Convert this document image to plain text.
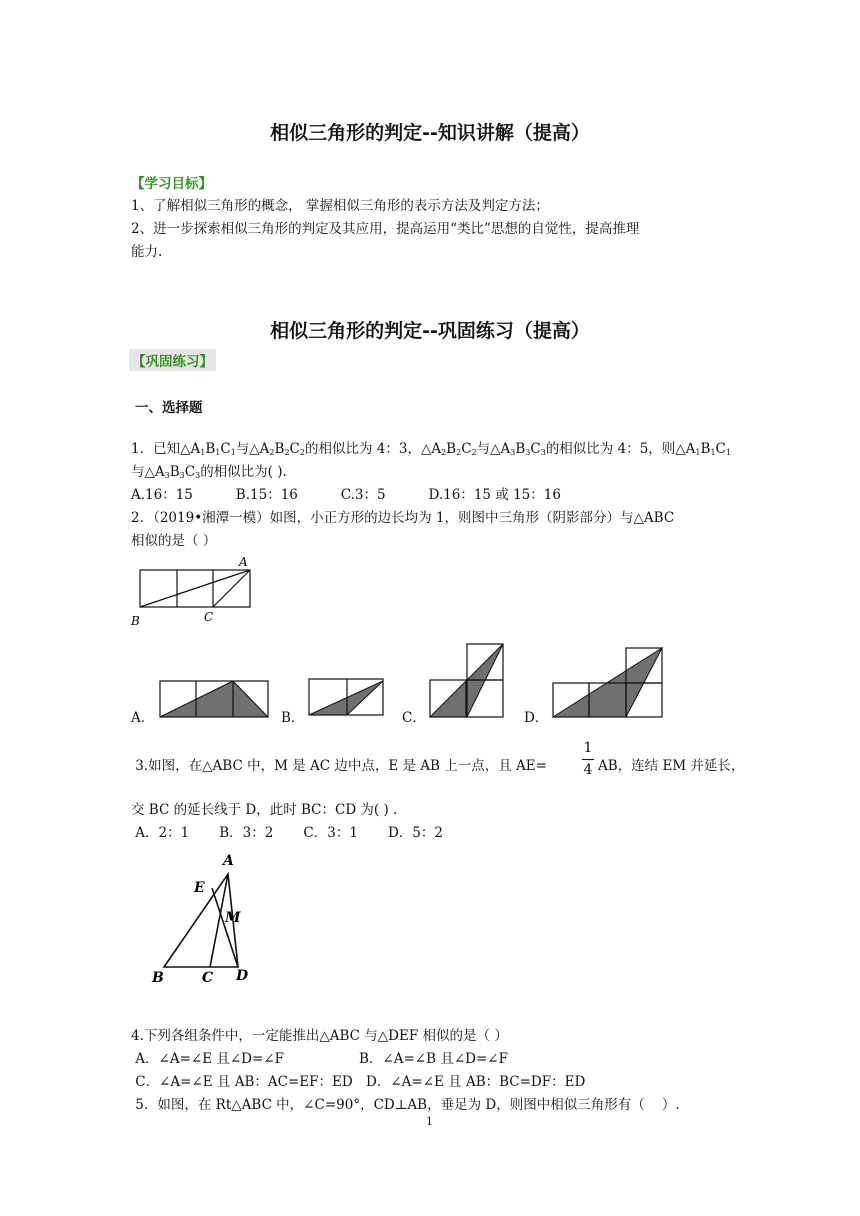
相似三角形的判定--知识讲解（提高）
【学习目标】
1、了解相似三角形的概念， 掌握相似三角形的表示方法及判定方法；
2、进一步探索相似三角形的判定及其应用，提高运用“类比”思想的自觉性，提高推理
能力.
相似三角形的判定--巩固练习（提高）
【巩固练习】
一、选择题
1．已知$\triangle A_1B_1C_1$与$\triangle A_2B_2C_2$的相似比为 4：3，$\triangle A_2B_2C_2$与$\triangle A_3B_3C_3$的相似比为 4：5，则$\triangle A_1B_1C_1$
与$\triangle A_3B_3C_3$的相似比为( ).
A.16：15          B.15：16          C.3：5          D.16：15 或 15：16
2．（2019•湘潭一模）如图，小正方形的边长均为 1，则图中三角形（阴影部分）与△ABC
相似的是（ ）
A
B	C
A．	B．	C．	D．
3.如图，在△ABC 中，M 是 AC 边中点，E 是 AB 上一点，且 AE=
1
4 AB，连结 EM 并延长，
交 BC 的延长线于 D，此时 BC：CD 为( ) .
A．2：1       B．3：2       C．3：1       D．5：2
A
E
M
B	C D
4.下列各组条件中，一定能推出△ABC 与△DEF 相似的是（ ）
A．∠A=∠E 且∠D=∠F	B．∠A=∠B 且∠D=∠F
C．∠A=∠E 且 AB：AC=EF：ED D．∠A=∠E 且 AB：BC=DF：ED
5．如图，在 Rt△ABC 中，∠C=90°，CD⊥AB，垂足为 D，则图中相似三角形有（    ）.
1
